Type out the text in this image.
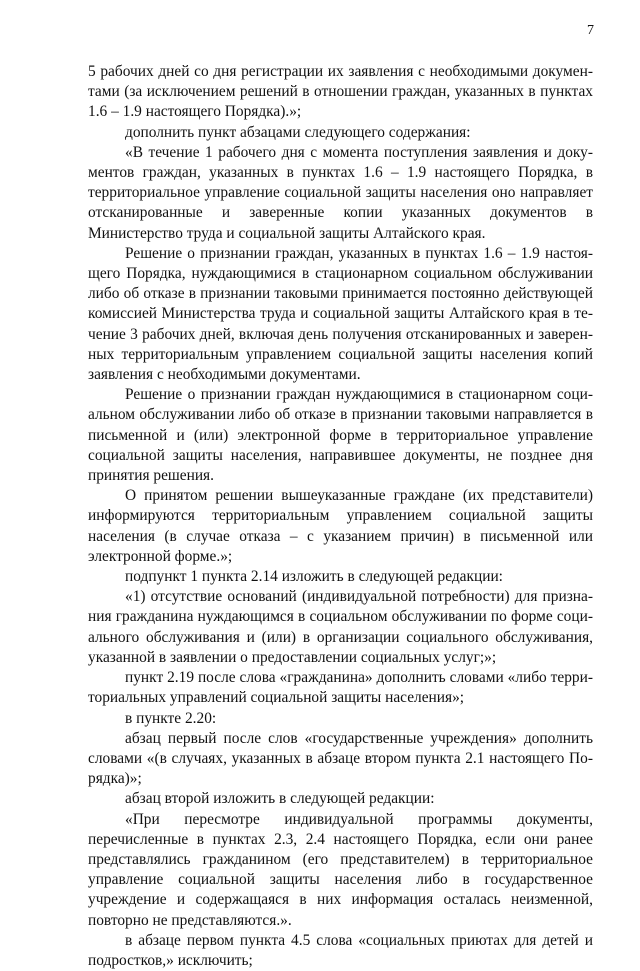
7

5 рабочих дней со дня регистрации их заявления с необходимыми документами (за исключением решений в отношении граждан, указанных в пунктах 1.6 – 1.9 настоящего Порядка).»;

дополнить пункт абзацами следующего содержания:

«В течение 1 рабочего дня с момента поступления заявления и документов граждан, указанных в пунктах 1.6 – 1.9 настоящего Порядка, в территориальное управление социальной защиты населения оно направляет отсканированные и заверенные копии указанных документов в Министерство труда и социальной защиты Алтайского края.

Решение о признании граждан, указанных в пунктах 1.6 – 1.9 настоящего Порядка, нуждающимися в стационарном социальном обслуживании либо об отказе в признании таковыми принимается постоянно действующей комиссией Министерства труда и социальной защиты Алтайского края в течение 3 рабочих дней, включая день получения отсканированных и заверенных территориальным управлением социальной защиты населения копий заявления с необходимыми документами.

Решение о признании граждан нуждающимися в стационарном социальном обслуживании либо об отказе в признании таковыми направляется в письменной и (или) электронной форме в территориальное управление социальной защиты населения, направившее документы, не позднее дня принятия решения.

О принятом решении вышеуказанные граждане (их представители) информируются территориальным управлением социальной защиты населения (в случае отказа – с указанием причин) в письменной или электронной форме.»;

подпункт 1 пункта 2.14 изложить в следующей редакции:

«1) отсутствие оснований (индивидуальной потребности) для признания гражданина нуждающимся в социальном обслуживании по форме социального обслуживания и (или) в организации социального обслуживания, указанной в заявлении о предоставлении социальных услуг;»;

пункт 2.19 после слова «гражданина» дополнить словами «либо территориальных управлений социальной защиты населения»;

в пункте 2.20:

абзац первый после слов «государственные учреждения» дополнить словами «(в случаях, указанных в абзаце втором пункта 2.1 настоящего Порядка)»;

абзац второй изложить в следующей редакции:

«При пересмотре индивидуальной программы документы, перечисленные в пунктах 2.3, 2.4 настоящего Порядка, если они ранее представлялись гражданином (его представителем) в территориальное управление социальной защиты населения либо в государственное учреждение и содержащаяся в них информация осталась неизменной, повторно не представляются.».

в абзаце первом пункта 4.5 слова «социальных приютах для детей и подростков,» исключить;
